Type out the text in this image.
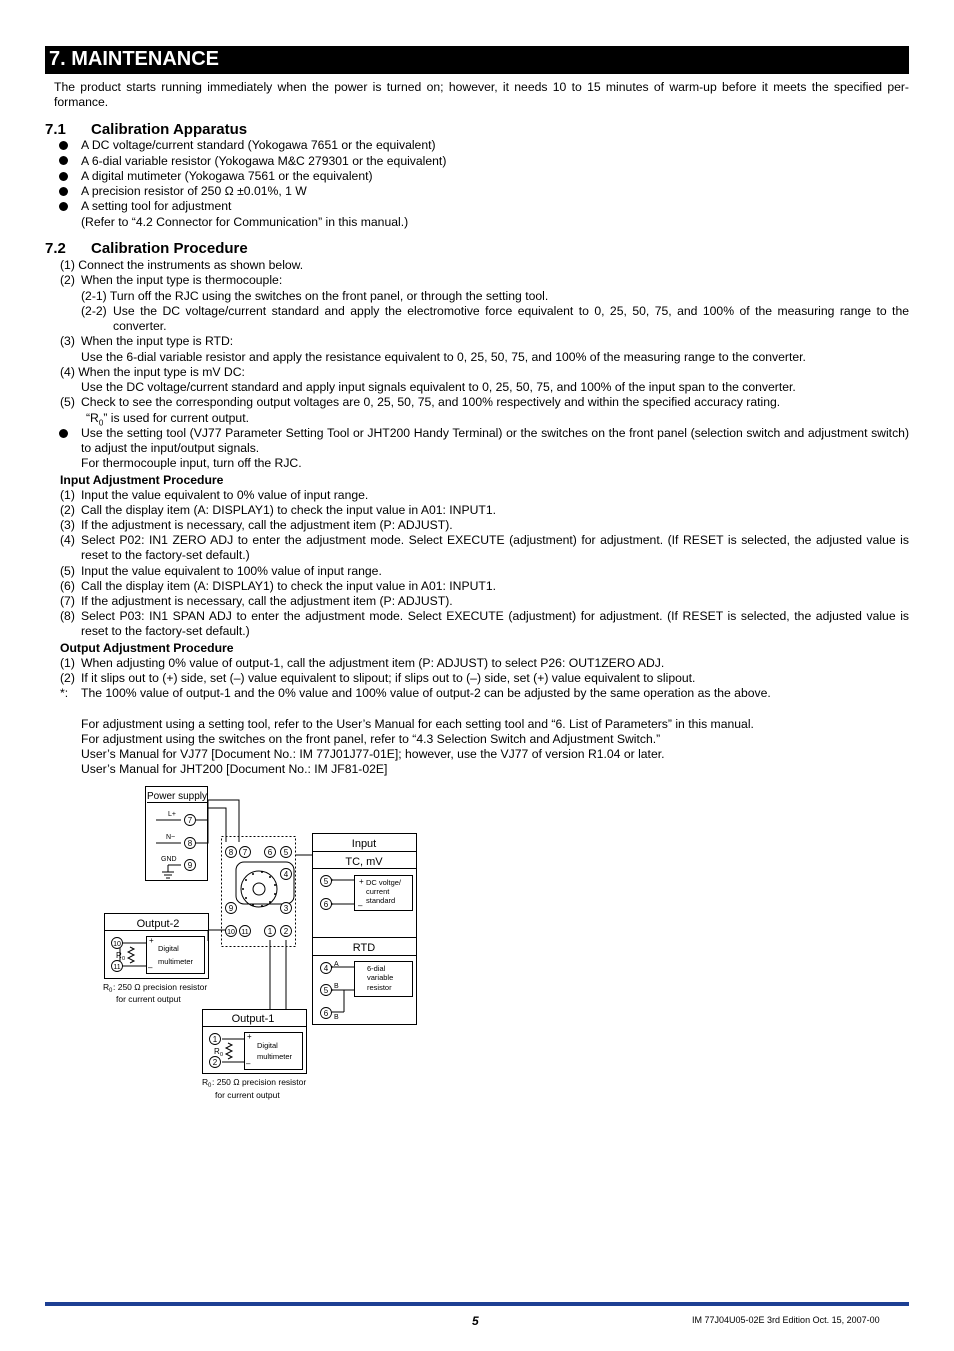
7. MAINTENANCE
The product starts running immediately when the power is turned on; however, it needs 10 to 15 minutes of warm-up before it meets the specified per-formance.
7.1 Calibration Apparatus
A DC voltage/current standard (Yokogawa 7651 or the equivalent)
A 6-dial variable resistor (Yokogawa M&C 279301 or the equivalent)
A digital mutimeter (Yokogawa 7561 or the equivalent)
A precision resistor of 250 Ω ±0.01%, 1 W
A setting tool for adjustment
(Refer to “4.2 Connector for Communication” in this manual.)
7.2 Calibration Procedure
(1) Connect the instruments as shown below.
(2) When the input type is thermocouple:
(2-1) Turn off the RJC using the switches on the front panel, or through the setting tool.
(2-2) Use the DC voltage/current standard and apply the electromotive force equivalent to 0, 25, 50, 75, and 100% of the measuring range to the converter.
(3) When the input type is RTD:
Use the 6-dial variable resistor and apply the resistance equivalent to 0, 25, 50, 75, and 100% of the measuring range to the converter.
(4) When the input type is mV DC:
Use the DC voltage/current standard and apply input signals equivalent to 0, 25, 50, 75, and 100% of the input span to the converter.
(5) Check to see the corresponding output voltages are 0, 25, 50, 75, and 100% respectively and within the specified accuracy rating.
“$R_0$” is used for current output.
Use the setting tool (VJ77 Parameter Setting Tool or JHT200 Handy Terminal) or the switches on the front panel (selection switch and adjustment switch) to adjust the input/output signals.
For thermocouple input, turn off the RJC.
Input Adjustment Procedure
(1) Input the value equivalent to 0% value of input range.
(2) Call the display item (A: DISPLAY1) to check the input value in A01: INPUT1.
(3) If the adjustment is necessary, call the adjustment item (P: ADJUST).
(4) Select P02: IN1 ZERO ADJ to enter the adjustment mode. Select EXECUTE (adjustment) for adjustment. (If RESET is selected, the adjusted value is reset to the factory-set default.)
(5) Input the value equivalent to 100% value of input range.
(6) Call the display item (A: DISPLAY1) to check the input value in A01: INPUT1.
(7) If the adjustment is necessary, call the adjustment item (P: ADJUST).
(8) Select P03: IN1 SPAN ADJ to enter the adjustment mode. Select EXECUTE (adjustment) for adjustment. (If RESET is selected, the adjusted value is reset to the factory-set default.)
Output Adjustment Procedure
(1) When adjusting 0% value of output-1, call the adjustment item (P: ADJUST) to select P26: OUT1ZERO ADJ.
(2) If it slips out to (+) side, set (–) value equivalent to slipout; if slips out to (–) side, set (+) value equivalent to slipout.
*: The 100% value of output-1 and the 0% value and 100% value of output-2 can be adjusted by the same operation as the above.
For adjustment using a setting tool, refer to the User’s Manual for each setting tool and “6. List of Parameters” in this manual.
For adjustment using the switches on the front panel, refer to “4.3 Selection Switch and Adjustment Switch.”
User’s Manual for VJ77 [Document No.: IM 77J01J77-01E]; however, use the VJ77 of version R1.04 or later.
User’s Manual for JHT200 [Document No.: IM JF81-02E]
7
8
9
8 7	6 5
4
9	3
10 11 1 2
10
11
1
2
5
6
4
5
6
Power supply
L+
N−
GND
Input
TC, mV
RTD
DC voltge/
current
standard
+
–
6-dial
variable
resistor
A
B
B
Output-2
Digital
multimeter
+
–
R 0
R 0 : 250 Ω precision resistor
for current output
Output-1
Digital
multimeter
+
–
R 0
R 0 : 250 Ω precision resistor
for current output
5	IM 77J04U05-02E 3rd Edition Oct. 15, 2007-00
